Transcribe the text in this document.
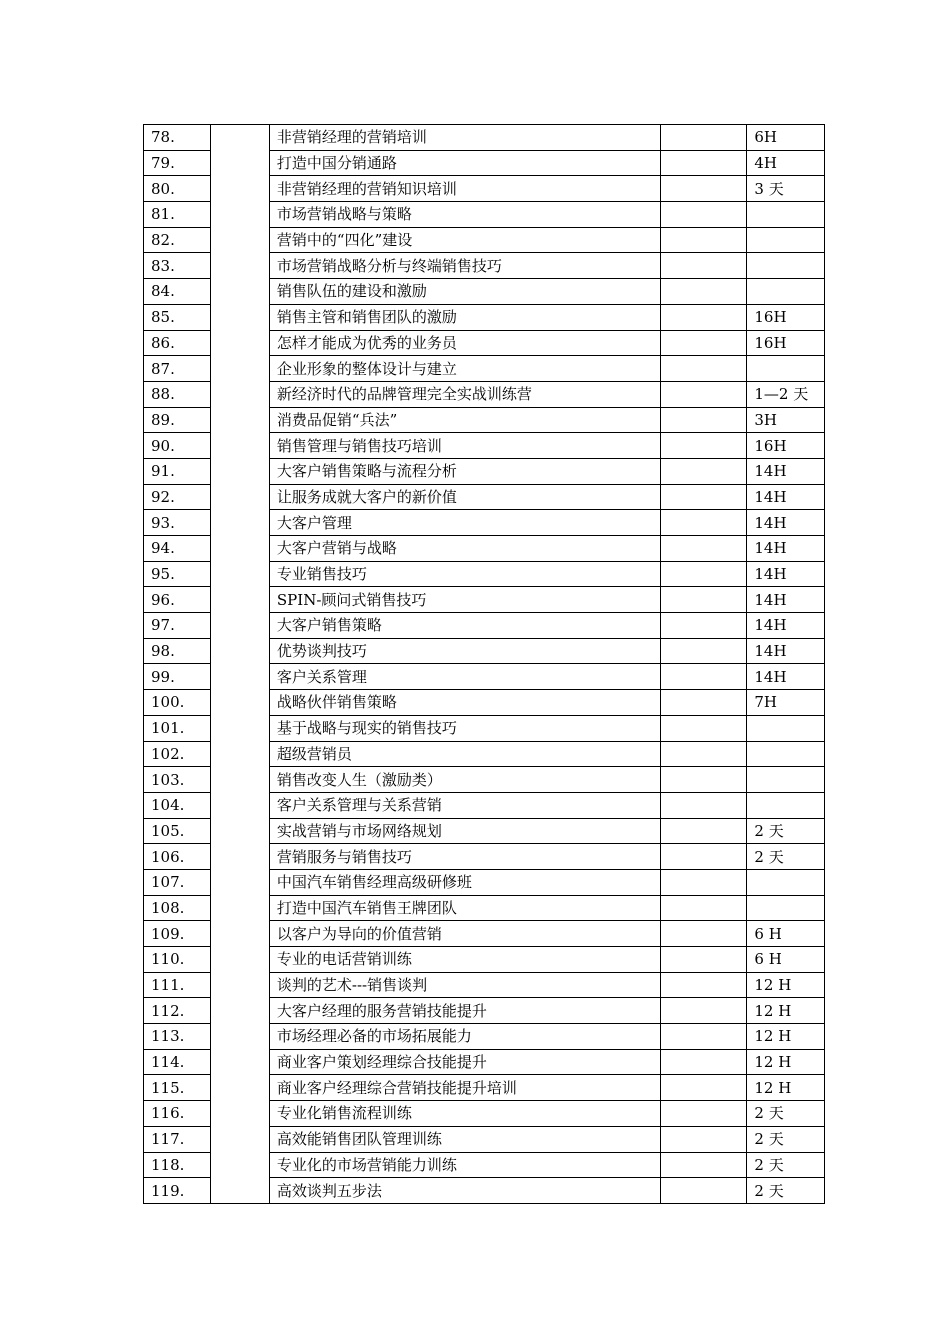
78.		非营销经理的营销培训		6H
79.		打造中国分销通路		4H
80.		非营销经理的营销知识培训		3 天
81.		市场营销战略与策略		
82.		营销中的“四化”建设		
83.		市场营销战略分析与终端销售技巧		
84.		销售队伍的建设和激励		
85.		销售主管和销售团队的激励		16H
86.		怎样才能成为优秀的业务员		16H
87.		企业形象的整体设计与建立		
88.		新经济时代的品牌管理完全实战训练营		1—2 天
89.		消费品促销“兵法”		3H
90.		销售管理与销售技巧培训		16H
91.		大客户销售策略与流程分析		14H
92.		让服务成就大客户的新价值		14H
93.		大客户管理		14H
94.		大客户营销与战略		14H
95.		专业销售技巧		14H
96.		SPIN-顾问式销售技巧		14H
97.		大客户销售策略		14H
98.		优势谈判技巧		14H
99.		客户关系管理		14H
100.		战略伙伴销售策略		7H
101.		基于战略与现实的销售技巧		
102.		超级营销员		
103.		销售改变人生（激励类）		
104.		客户关系管理与关系营销		
105.		实战营销与市场网络规划		2 天
106.		营销服务与销售技巧		2 天
107.		中国汽车销售经理高级研修班		
108.		打造中国汽车销售王牌团队		
109.		以客户为导向的价值营销		6 H
110.		专业的电话营销训练		6 H
111.		谈判的艺术---销售谈判		12 H
112.		大客户经理的服务营销技能提升		12 H
113.		市场经理必备的市场拓展能力		12 H
114.		商业客户策划经理综合技能提升		12 H
115.		商业客户经理综合营销技能提升培训		12 H
116.		专业化销售流程训练		2 天
117.		高效能销售团队管理训练		2 天
118.		专业化的市场营销能力训练		2 天
119.		高效谈判五步法		2 天
